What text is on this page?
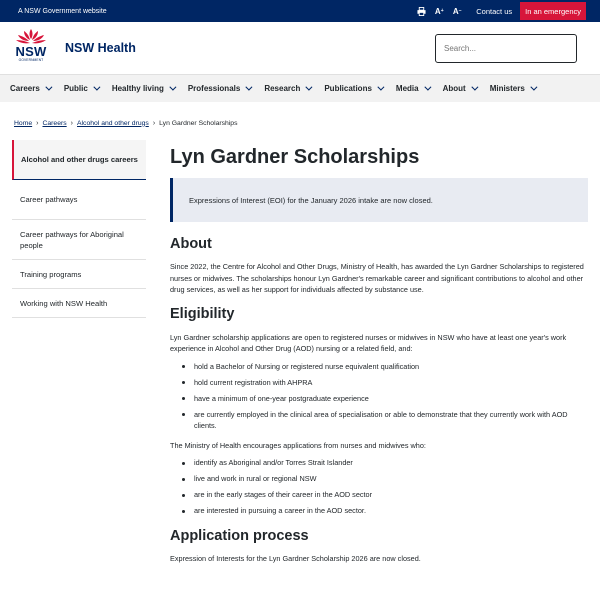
A NSW Government website	A +	A − Contact us	In an emergency
NSW
GOVERNMENT
NSW Health
Search...
Careers	Public	Healthy living	Professionals	Research	Publications	Media	About	Ministers
Home › Careers › Alcohol and other drugs › Lyn Gardner Scholarships
Alcohol and other drugs careers
Career pathways
Career pathways for Aboriginal people
Training programs
Working with NSW Health
Lyn Gardner Scholarships
Expressions of Interest (EOI) for the January 2026 intake are now closed.
About

Since 2022, the Centre for Alcohol and Other Drugs, Ministry of Health, has awarded the Lyn Gardner Scholarships to registered nurses or midwives. The scholarships honour Lyn Gardner's remarkable career and significant contributions to alcohol and other drug services, as well as her support for individuals affected by substance use.

Eligibility

Lyn Gardner scholarship applications are open to registered nurses or midwives in NSW who have at least one year's work experience in Alcohol and Other Drug (AOD) nursing or a related field, and:

hold a Bachelor of Nursing or registered nurse equivalent qualification
hold current registration with AHPRA
have a minimum of one-year postgraduate experience
are currently employed in the clinical area of specialisation or able to demonstrate that they currently work with AOD clients.

The Ministry of Health encourages applications from nurses and midwives who:

identify as Aboriginal and/or Torres Strait Islander
live and work in rural or regional NSW
are in the early stages of their career in the AOD sector
are interested in pursuing a career in the AOD sector.
Application process

Expression of Interests for the Lyn Gardner Scholarship 2026 are now closed.
